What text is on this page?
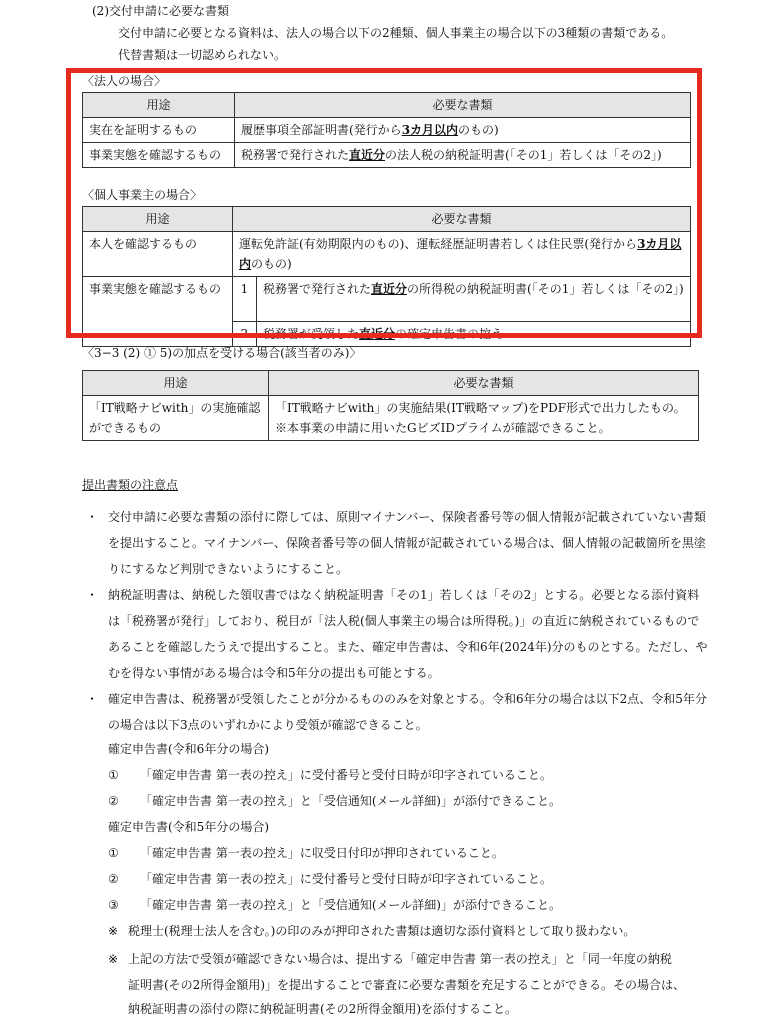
(2)交付申請に必要な書類
交付申請に必要となる資料は、法人の場合以下の2種類、個人事業主の場合以下の3種類の書類である。
代替書類は一切認められない。
〈法人の場合〉
用途	必要な書類
実在を証明するもの	履歴事項全部証明書(発行から3カ月以内のもの)
事業実態を確認するもの	税務署で発行された直近分の法人税の納税証明書(「その1」若しくは「その2」)
〈個人事業主の場合〉
用途	必要な書類	
本人を確認するもの	運転免許証(有効期限内のもの)、運転経歴証明書若しくは住民票(発行から3カ月以内のもの)	
事業実態を確認するもの	1	税務署で発行された直近分の所得税の納税証明書(「その1」若しくは「その2」)
	2	税務署が受領した直近分の確定申告書の控え
〈3−3 (2) ① 5)の加点を受ける場合(該当者のみ)〉
用途	必要な書類
「IT戦略ナビwith」の実施確認ができるもの	「IT戦略ナビwith」の実施結果(IT戦略マップ)をPDF形式で出力したもの。
※本事業の申請に用いたGビズIDプライムが確認できること。
提出書類の注意点
・ 交付申請に必要な書類の添付に際しては、原則マイナンバー、保険者番号等の個人情報が記載されていない書類を提出すること。マイナンバー、保険者番号等の個人情報が記載されている場合は、個人情報の記載箇所を黒塗りにするなど判別できないようにすること。
・ 納税証明書は、納税した領収書ではなく納税証明書「その1」若しくは「その2」とする。必要となる添付資料は「税務署が発行」しており、税目が「法人税(個人事業主の場合は所得税。)」の直近に納税されているものであることを確認したうえで提出すること。また、確定申告書は、令和6年(2024年)分のものとする。ただし、やむを得ない事情がある場合は令和5年分の提出も可能とする。
・ 確定申告書は、税務署が受領したことが分かるもののみを対象とする。令和6年分の場合は以下2点、令和5年分の場合は以下3点のいずれかにより受領が確認できること。
確定申告書(令和6年分の場合)
① 「確定申告書 第一表の控え」に受付番号と受付日時が印字されていること。
② 「確定申告書 第一表の控え」と「受信通知(メール詳細)」が添付できること。
確定申告書(令和5年分の場合)
① 「確定申告書 第一表の控え」に収受日付印が押印されていること。
② 「確定申告書 第一表の控え」に受付番号と受付日時が印字されていること。
③ 「確定申告書 第一表の控え」と「受信通知(メール詳細)」が添付できること。
※ 税理士(税理士法人を含む。)の印のみが押印された書類は適切な添付資料として取り扱わない。
※ 上記の方法で受領が確認できない場合は、提出する「確定申告書 第一表の控え」と「同一年度の納税
証明書(その2所得金額用)」を提出することで審査に必要な書類を充足することができる。その場合は、
納税証明書の添付の際に納税証明書(その2所得金額用)を添付すること。
